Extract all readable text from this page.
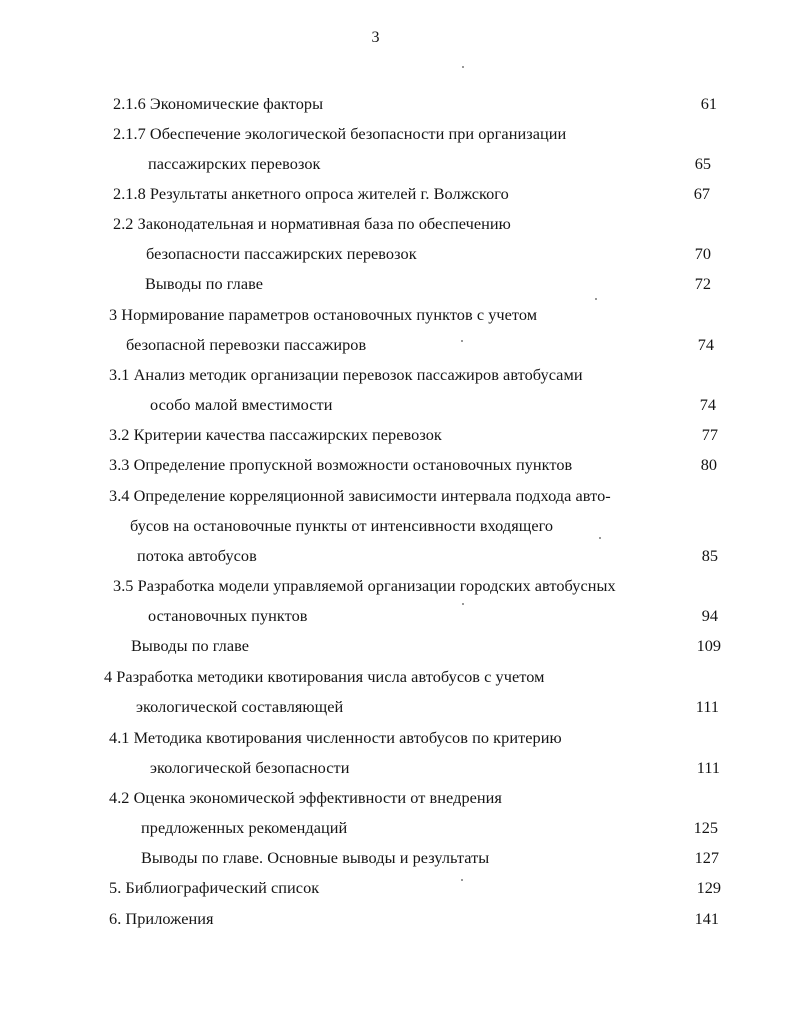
3
2.1.6 Экономические факторы	61
2.1.7 Обеспечение экологической безопасности при организации
пассажирских перевозок	65
2.1.8 Результаты анкетного опроса жителей г. Волжского	67
2.2 Законодательная и нормативная база по обеспечению
безопасности пассажирских перевозок	70
Выводы по главе	72
3 Нормирование параметров остановочных пунктов с учетом
безопасной перевозки пассажиров	74
3.1 Анализ методик организации перевозок пассажиров автобусами
особо малой вместимости	74
3.2 Критерии качества пассажирских перевозок	77
3.3 Определение пропускной возможности остановочных пунктов	80
3.4 Определение корреляционной зависимости интервала подхода авто-
бусов на остановочные пункты от интенсивности входящего
потока автобусов	85
3.5 Разработка модели управляемой организации городских автобусных
остановочных пунктов	94
Выводы по главе	109
4 Разработка методики квотирования числа автобусов с учетом
экологической составляющей	111
4.1 Методика квотирования численности автобусов по критерию
экологической безопасности	111
4.2 Оценка экономической эффективности от внедрения
предложенных рекомендаций	125
Выводы по главе. Основные выводы и результаты	127
5. Библиографический список	129
6. Приложения	141
